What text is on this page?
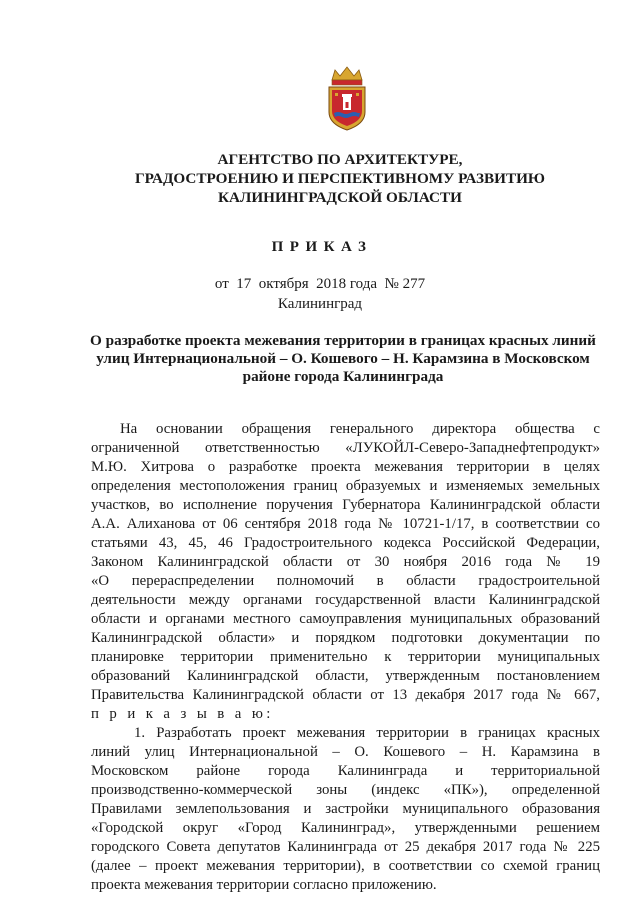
АГЕНТСТВО ПО АРХИТЕКТУРЕ,
ГРАДОСТРОЕНИЮ И ПЕРСПЕКТИВНОМУ РАЗВИТИЮ
КАЛИНИНГРАДСКОЙ ОБЛАСТИ
ПРИКАЗ
от  17  октября  2018 года  № 277
Калининград
О разработке проекта межевания территории в границах красных линий
улиц Интернациональной – О. Кошевого – Н. Карамзина в Московском
районе города Калининграда
На основании обращения генерального директора общества с
ограниченной ответственностью «ЛУКОЙЛ-Северо-Западнефтепродукт»
М.Ю. Хитрова о разработке проекта межевания территории в целях
определения местоположения границ образуемых и изменяемых земельных
участков, во исполнение поручения Губернатора Калининградской области
А.А. Алиханова от 06 сентября 2018 года № 10721-1/17, в соответствии со
статьями 43, 45, 46 Градостроительного кодекса Российской Федерации,
Законом Калининградской области от 30 ноября 2016 года № 19
«О перераспределении полномочий в области градостроительной
деятельности между органами государственной власти Калининградской
области и органами местного самоуправления муниципальных образований
Калининградской области» и порядком подготовки документации по
планировке территории применительно к территории муниципальных
образований Калининградской области, утвержденным постановлением
Правительства Калининградской области от 13 декабря 2017 года № 667,
п р и к а з ы в а ю:
1. Разработать проект межевания территории в границах красных
линий улиц Интернациональной – О. Кошевого – Н. Карамзина в
Московском районе города Калининграда и территориальной
производственно-коммерческой зоны (индекс «ПК»), определенной
Правилами землепользования и застройки муниципального образования
«Городской округ «Город Калининград», утвержденными решением
городского Совета депутатов Калининграда от 25 декабря 2017 года № 225
(далее – проект межевания территории), в соответствии со схемой границ
проекта межевания территории согласно приложению.
